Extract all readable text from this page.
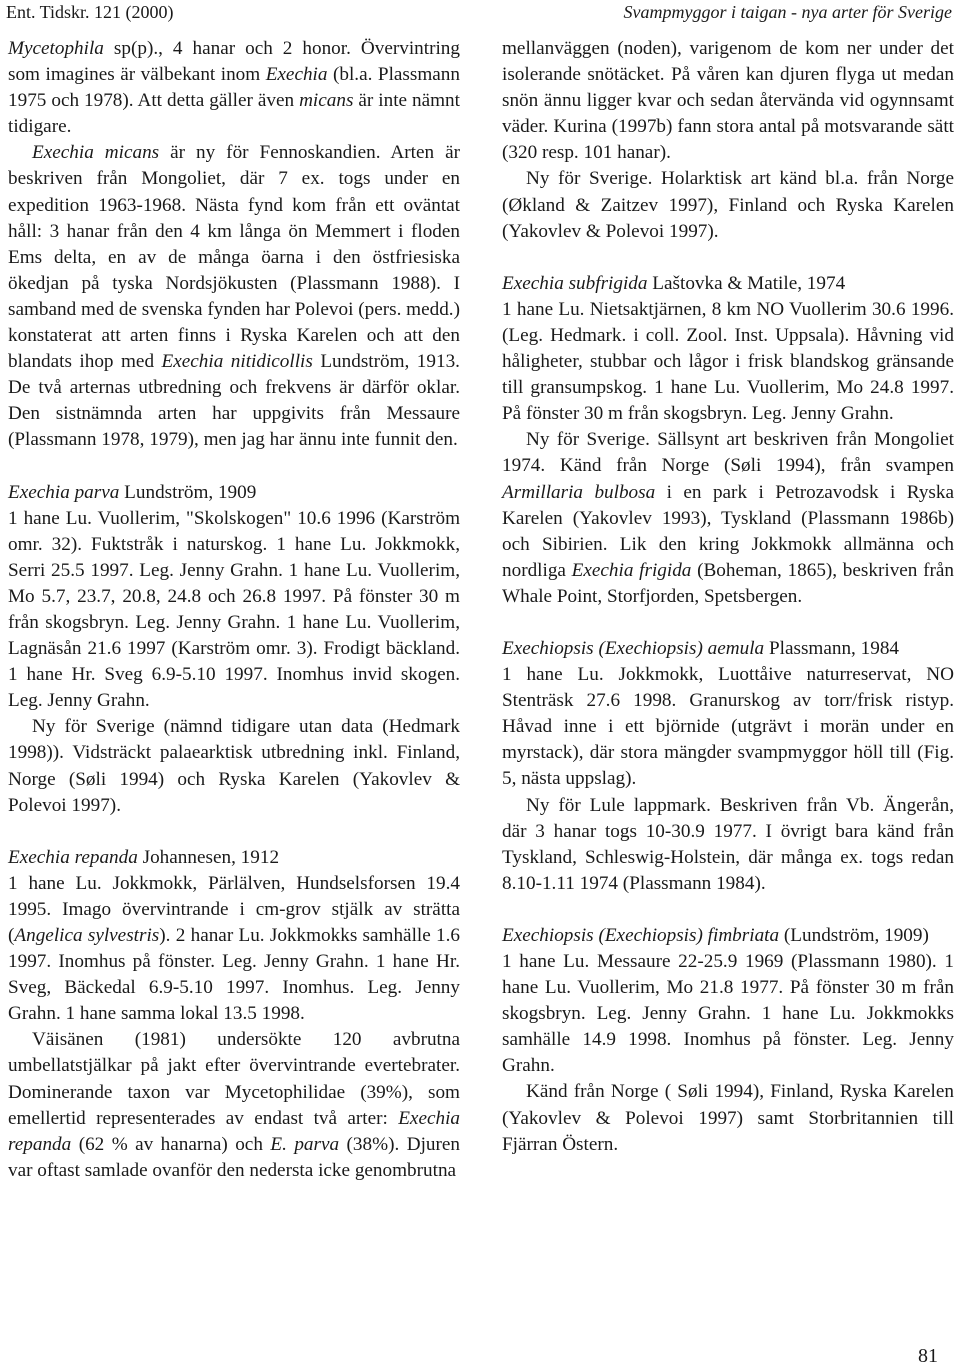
Ent. Tidskr. 121 (2000)	Svampmyggor i taigan - nya arter för Sverige

Mycetophila sp(p)., 4 hanar och 2 honor. Övervintring som imagines är välbekant inom Exechia (bl.a. Plassmann 1975 och 1978). Att detta gäller även micans är inte nämnt tidigare.

Exechia micans är ny för Fennoskandien. Arten är beskriven från Mongoliet, där 7 ex. togs under en expedition 1963-1968. Nästa fynd kom från ett oväntat håll: 3 hanar från den 4 km långa ön Memmert i floden Ems delta, en av de många öarna i den östfriesiska ökedjan på tyska Nordsjökusten (Plassmann 1988). I samband med de svenska fynden har Polevoi (pers. medd.) konstaterat att arten finns i Ryska Karelen och att den blandats ihop med Exechia nitidicollis Lundström, 1913. De två arternas utbredning och frekvens är därför oklar. Den sistnämnda arten har uppgivits från Messaure (Plassmann 1978, 1979), men jag har ännu inte funnit den.

Exechia parva Lundström, 1909

1 hane Lu. Vuollerim, "Skolskogen" 10.6 1996 (Karström omr. 32). Fuktstråk i naturskog. 1 hane Lu. Jokkmokk, Serri 25.5 1997. Leg. Jenny Grahn. 1 hane Lu. Vuollerim, Mo 5.7, 23.7, 20.8, 24.8 och 26.8 1997. På fönster 30 m från skogsbryn. Leg. Jenny Grahn. 1 hane Lu. Vuollerim, Lagnäsån 21.6 1997 (Karström omr. 3). Frodigt bäckland. 1 hane Hr. Sveg 6.9-5.10 1997. Inomhus invid skogen. Leg. Jenny Grahn.

Ny för Sverige (nämnd tidigare utan data (Hedmark 1998)). Vidsträckt palaearktisk utbredning inkl. Finland, Norge (Søli 1994) och Ryska Karelen (Yakovlev & Polevoi 1997).

Exechia repanda Johannesen, 1912

1 hane Lu. Jokkmokk, Pärlälven, Hundselsforsen 19.4 1995. Imago övervintrande i cm-grov stjälk av strätta (Angelica sylvestris). 2 hanar Lu. Jokkmokks samhälle 1.6 1997. Inomhus på fönster. Leg. Jenny Grahn. 1 hane Hr. Sveg, Bäckedal 6.9-5.10 1997. Inomhus. Leg. Jenny Grahn. 1 hane samma lokal 13.5 1998.

Väisänen (1981) undersökte 120 avbrutna umbellatstjälkar på jakt efter övervintrande evertebrater. Dominerande taxon var Mycetophilidae (39%), som emellertid representerades av endast två arter: Exechia repanda (62 % av hanarna) och E. parva (38%). Djuren var oftast samlade ovanför den nedersta icke genombrutna

mellanväggen (noden), varigenom de kom ner under det isolerande snötäcket. På våren kan djuren flyga ut medan snön ännu ligger kvar och sedan återvända vid ogynnsamt väder. Kurina (1997b) fann stora antal på motsvarande sätt (320 resp. 101 hanar).

Ny för Sverige. Holarktisk art känd bl.a. från Norge (Økland & Zaitzev 1997), Finland och Ryska Karelen (Yakovlev & Polevoi 1997).

Exechia subfrigida Laštovka & Matile, 1974

1 hane Lu. Nietsaktjärnen, 8 km NO Vuollerim 30.6 1996. (Leg. Hedmark. i coll. Zool. Inst. Uppsala). Håvning vid håligheter, stubbar och lågor i frisk blandskog gränsande till gransumpskog. 1 hane Lu. Vuollerim, Mo 24.8 1997. På fönster 30 m från skogsbryn. Leg. Jenny Grahn.

Ny för Sverige. Sällsynt art beskriven från Mongoliet 1974. Känd från Norge (Søli 1994), från svampen Armillaria bulbosa i en park i Petrozavodsk i Ryska Karelen (Yakovlev 1993), Tyskland (Plassmann 1986b) och Sibirien. Lik den kring Jokkmokk allmänna och nordliga Exechia frigida (Boheman, 1865), beskriven från Whale Point, Storfjorden, Spetsbergen.

Exechiopsis (Exechiopsis) aemula Plassmann, 1984

1 hane Lu. Jokkmokk, Luottåive naturreservat, NO Stenträsk 27.6 1998. Granurskog av torr/frisk ristyp. Håvad inne i ett björnide (utgrävt i morän under en myrstack), där stora mängder svampmyggor höll till (Fig. 5, nästa uppslag).

Ny för Lule lappmark. Beskriven från Vb. Ängerån, där 3 hanar togs 10-30.9 1977. I övrigt bara känd från Tyskland, Schleswig-Holstein, där många ex. togs redan 8.10-1.11 1974 (Plassmann 1984).

Exechiopsis (Exechiopsis) fimbriata (Lundström, 1909)

1 hane Lu. Messaure 22-25.9 1969 (Plassmann 1980). 1 hane Lu. Vuollerim, Mo 21.8 1977. På fönster 30 m från skogsbryn. Leg. Jenny Grahn. 1 hane Lu. Jokkmokks samhälle 14.9 1998. Inomhus på fönster. Leg. Jenny Grahn.

Känd från Norge ( Søli 1994), Finland, Ryska Karelen (Yakovlev & Polevoi 1997) samt Storbritannien till Fjärran Östern.

81
